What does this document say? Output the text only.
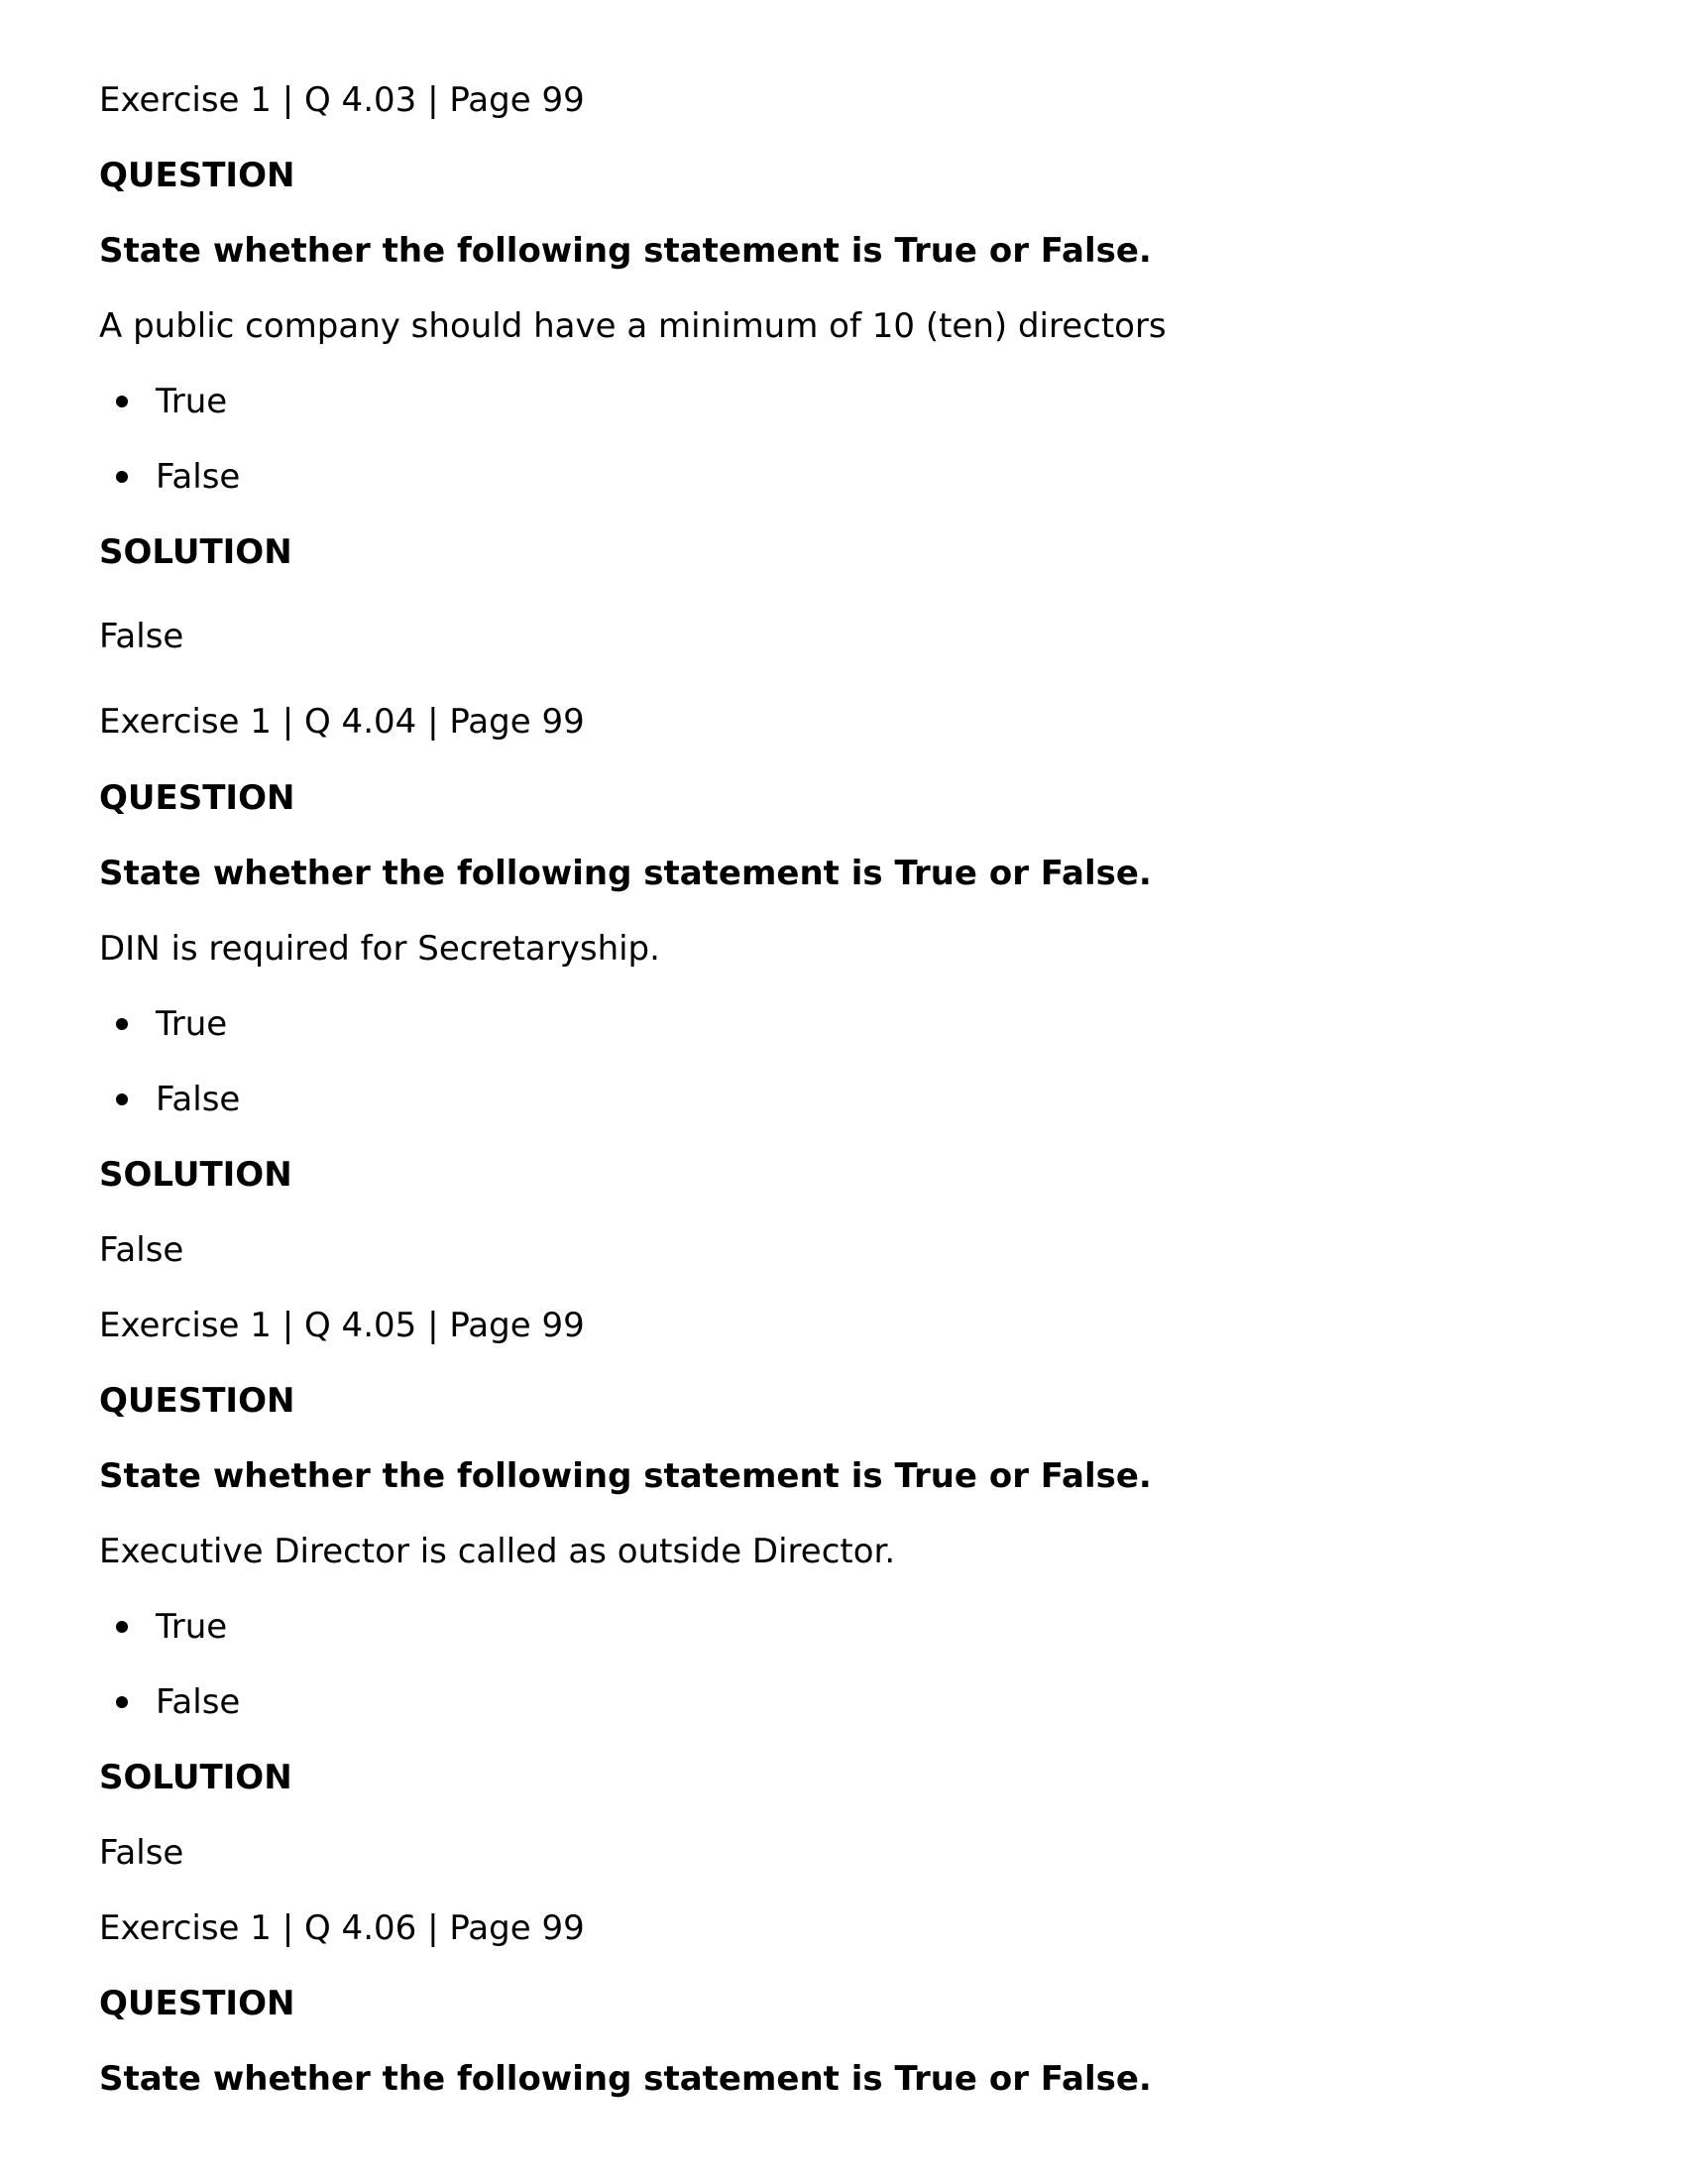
Exercise 1 | Q 4.03 | Page 99

QUESTION

State whether the following statement is True or False.

A public company should have a minimum of 10 (ten) directors

True

False

SOLUTION

False

Exercise 1 | Q 4.04 | Page 99

QUESTION

State whether the following statement is True or False.

DIN is required for Secretaryship.

True

False

SOLUTION

False

Exercise 1 | Q 4.05 | Page 99

QUESTION

State whether the following statement is True or False.

Executive Director is called as outside Director.

True

False

SOLUTION

False

Exercise 1 | Q 4.06 | Page 99

QUESTION

State whether the following statement is True or False.
